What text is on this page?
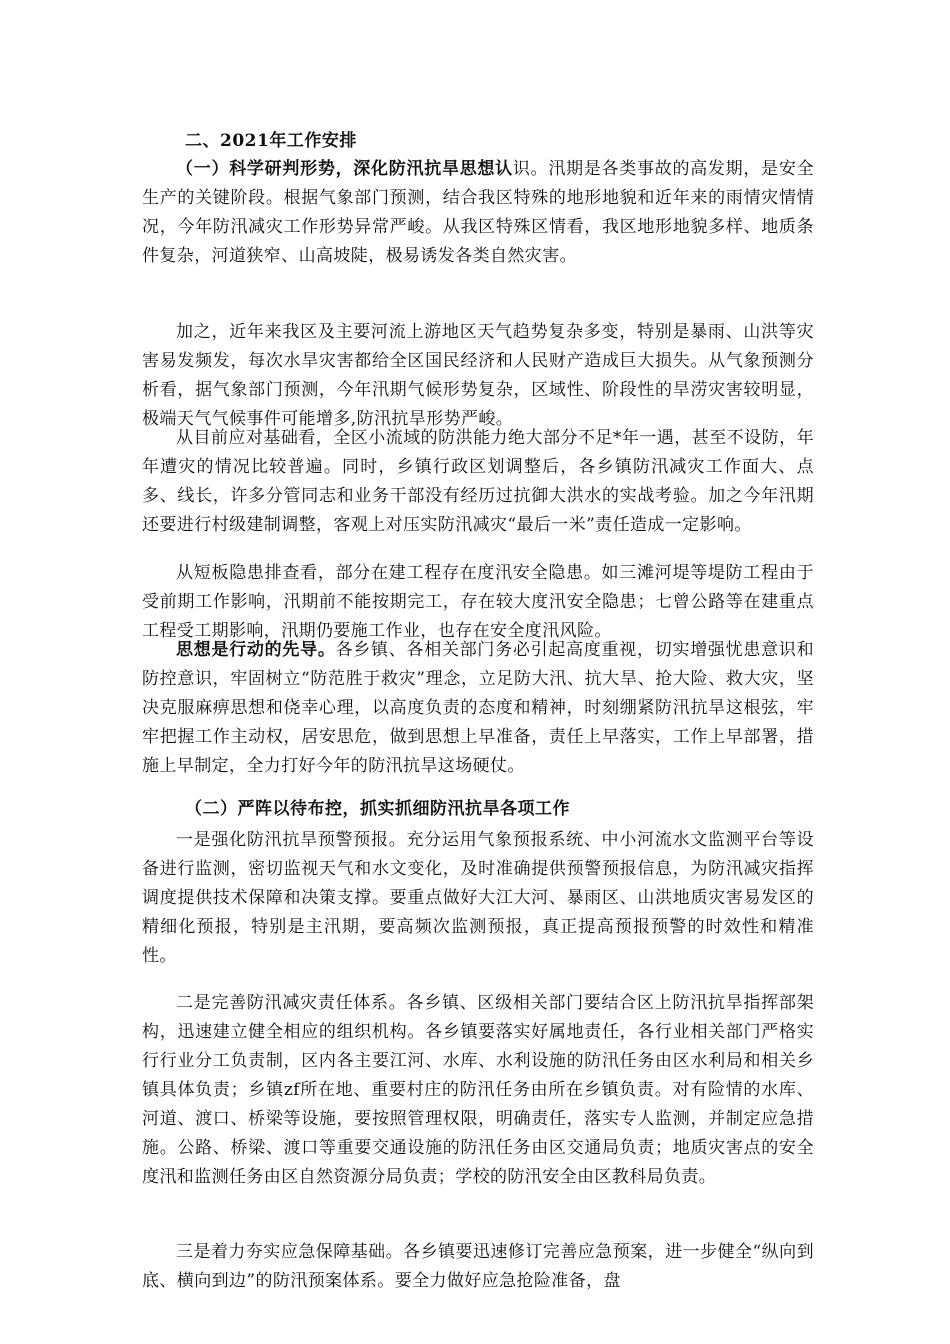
二、2021年工作安排

（一）科学研判形势，深化防汛抗旱思想认识。汛期是各类事故的高发期，是安全生产的关键阶段。根据气象部门预测，结合我区特殊的地形地貌和近年来的雨情灾情情况，今年防汛减灾工作形势异常严峻。从我区特殊区情看，我区地形地貌多样、地质条件复杂，河道狭窄、山高坡陡，极易诱发各类自然灾害。

加之，近年来我区及主要河流上游地区天气趋势复杂多变，特别是暴雨、山洪等灾害易发频发，每次水旱灾害都给全区国民经济和人民财产造成巨大损失。从气象预测分析看，据气象部门预测，今年汛期气候形势复杂，区域性、阶段性的旱涝灾害较明显，极端天气气候事件可能增多,防汛抗旱形势严峻。

从目前应对基础看，全区小流域的防洪能力绝大部分不足*年一遇，甚至不设防，年年遭灾的情况比较普遍。同时，乡镇行政区划调整后，各乡镇防汛减灾工作面大、点多、线长，许多分管同志和业务干部没有经历过抗御大洪水的实战考验。加之今年汛期还要进行村级建制调整，客观上对压实防汛减灾“最后一米”责任造成一定影响。

从短板隐患排查看，部分在建工程存在度汛安全隐患。如三滩河堤等堤防工程由于受前期工作影响，汛期前不能按期完工，存在较大度汛安全隐患；七曾公路等在建重点工程受工期影响，汛期仍要施工作业，也存在安全度汛风险。

思想是行动的先导。各乡镇、各相关部门务必引起高度重视，切实增强忧患意识和防控意识，牢固树立“防范胜于救灾”理念，立足防大汛、抗大旱、抢大险、救大灾，坚决克服麻痹思想和侥幸心理，以高度负责的态度和精神，时刻绷紧防汛抗旱这根弦，牢牢把握工作主动权，居安思危，做到思想上早准备，责任上早落实，工作上早部署，措施上早制定，全力打好今年的防汛抗旱这场硬仗。

（二）严阵以待布控，抓实抓细防汛抗旱各项工作

一是强化防汛抗旱预警预报。充分运用气象预报系统、中小河流水文监测平台等设备进行监测，密切监视天气和水文变化，及时准确提供预警预报信息，为防汛减灾指挥调度提供技术保障和决策支撑。要重点做好大江大河、暴雨区、山洪地质灾害易发区的精细化预报，特别是主汛期，要高频次监测预报，真正提高预报预警的时效性和精准性。

二是完善防汛减灾责任体系。各乡镇、区级相关部门要结合区上防汛抗旱指挥部架构，迅速建立健全相应的组织机构。各乡镇要落实好属地责任，各行业相关部门严格实行行业分工负责制，区内各主要江河、水库、水利设施的防汛任务由区水利局和相关乡镇具体负责；乡镇zf所在地、重要村庄的防汛任务由所在乡镇负责。对有险情的水库、河道、渡口、桥梁等设施，要按照管理权限，明确责任，落实专人监测，并制定应急措施。公路、桥梁、渡口等重要交通设施的防汛任务由区交通局负责；地质灾害点的安全度汛和监测任务由区自然资源分局负责；学校的防汛安全由区教科局负责。

三是着力夯实应急保障基础。各乡镇要迅速修订完善应急预案，进一步健全“纵向到底、横向到边”的防汛预案体系。要全力做好应急抢险准备，盘
